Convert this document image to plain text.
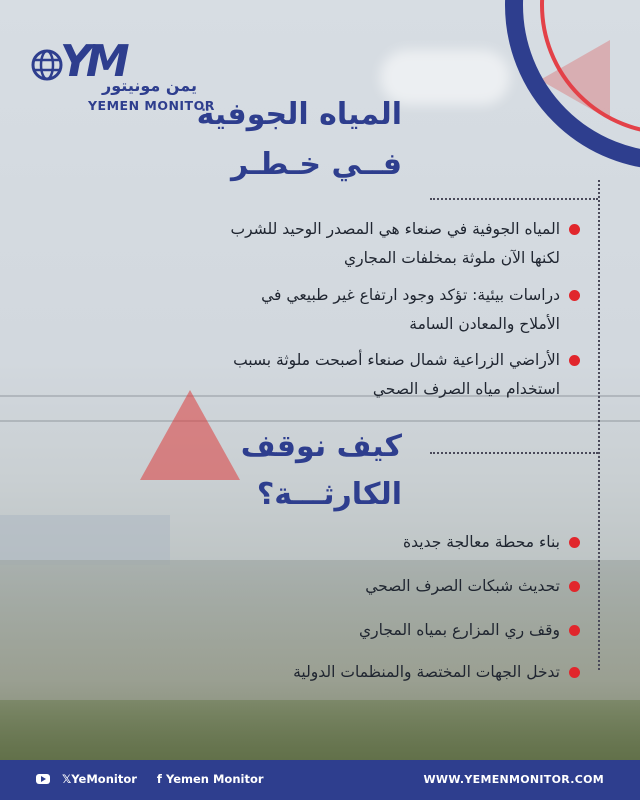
YM
يمن مونيتور
YEMEN MONITOR
المياه الجوفية
فــي خـطـر
المياه الجوفية في صنعاء هي المصدر الوحيد للشرب
لكنها الآن ملوثة بمخلفات المجاري
دراسات بيئية: تؤكد وجود ارتفاع غير طبيعي في
الأملاح والمعادن السامة
الأراضي الزراعية شمال صنعاء أصبحت ملوثة بسبب
استخدام مياه الصرف الصحي
كيف نوقف
الكارثـــة؟
بناء محطة معالجة جديدة
تحديث شبكات الصرف الصحي
وقف ري المزارع بمياه المجاري
تدخل الجهات المختصة والمنظمات الدولية
𝕏YeMonitor f Yemen Monitor	WWW.YEMENMONITOR.COM
